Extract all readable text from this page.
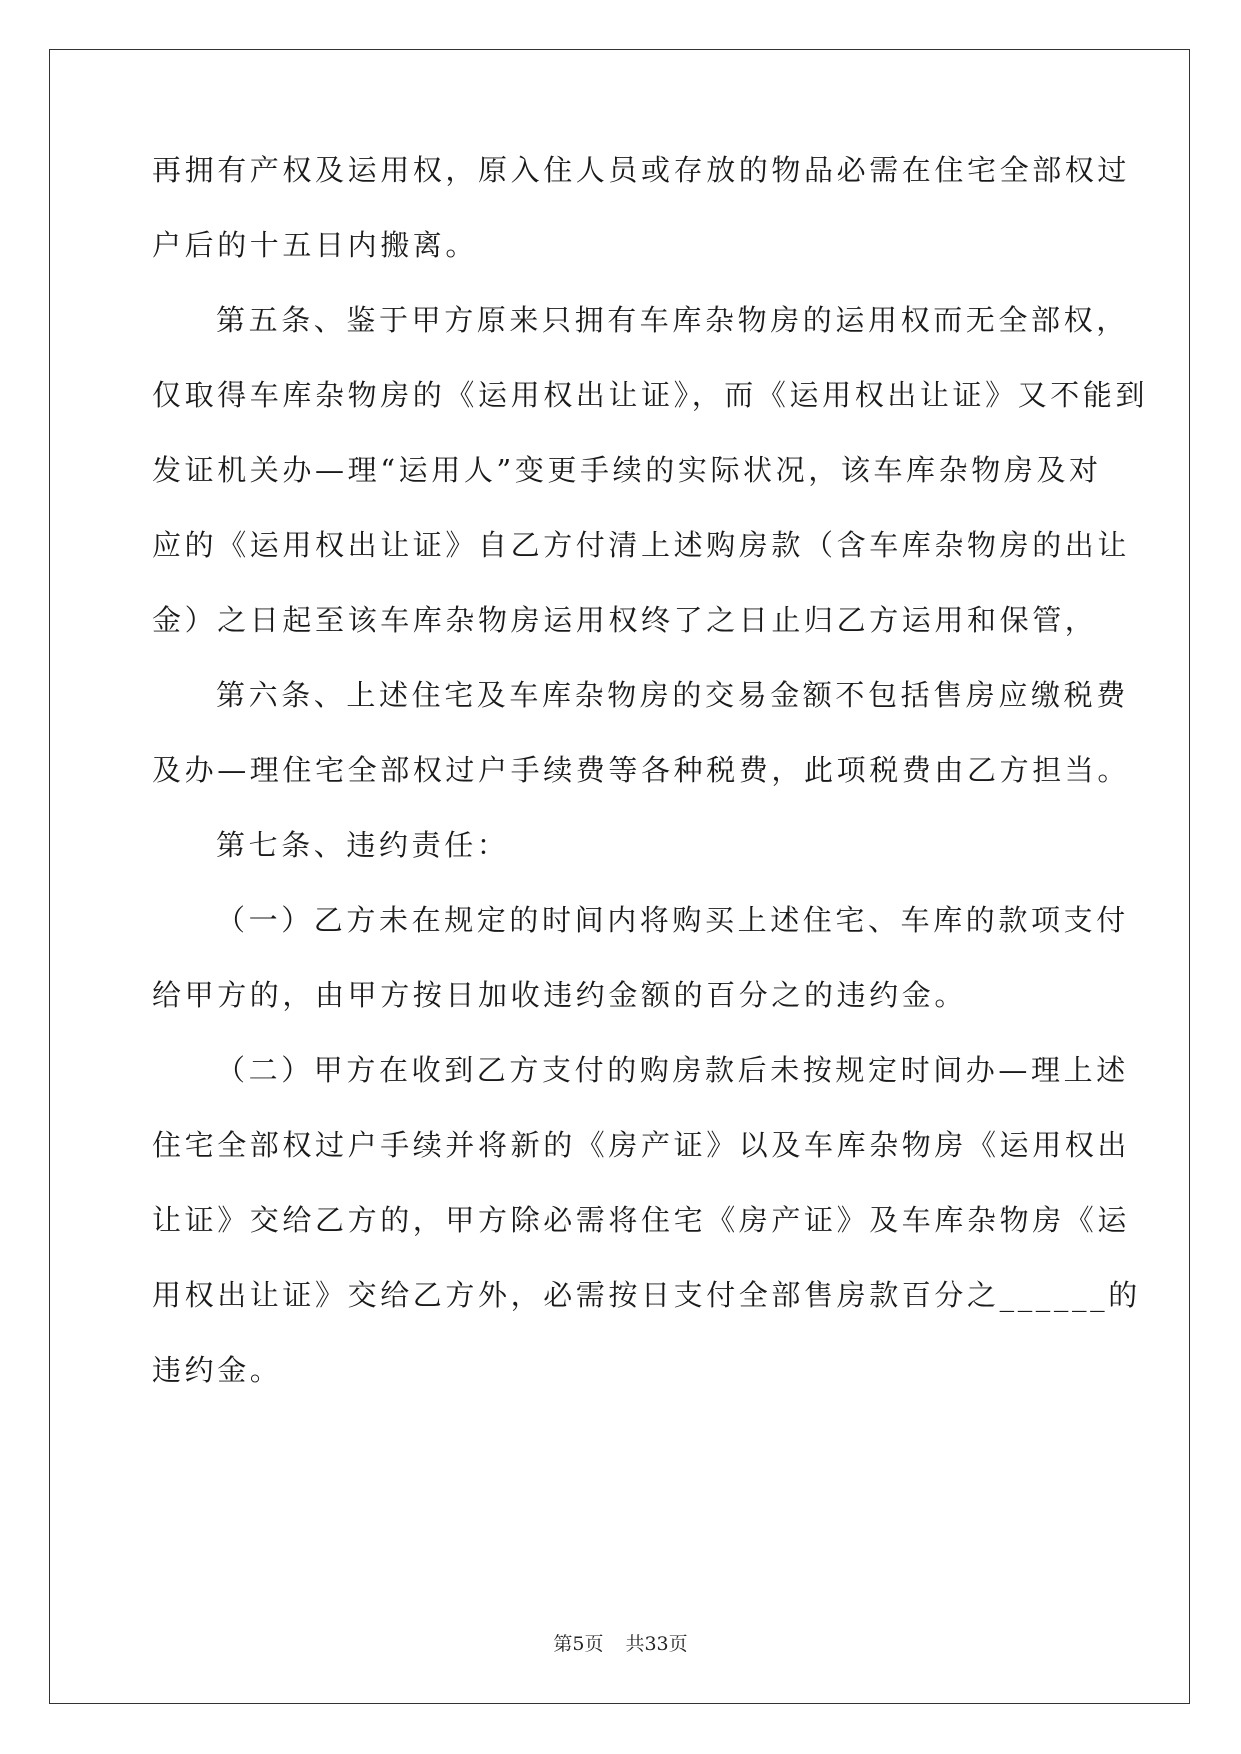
再拥有产权及运用权，原入住人员或存放的物品必需在住宅全部权过
户后的十五日内搬离。
第五条、鉴于甲方原来只拥有车库杂物房的运用权而无全部权，
仅取得车库杂物房的《运用权出让证》，而《运用权出让证》又不能到
发证机关办—理“运用人”变更手续的实际状况，该车库杂物房及对
应的《运用权出让证》自乙方付清上述购房款（含车库杂物房的出让
金）之日起至该车库杂物房运用权终了之日止归乙方运用和保管，
第六条、上述住宅及车库杂物房的交易金额不包括售房应缴税费
及办—理住宅全部权过户手续费等各种税费，此项税费由乙方担当。
第七条、违约责任：
（一）乙方未在规定的时间内将购买上述住宅、车库的款项支付
给甲方的，由甲方按日加收违约金额的百分之的违约金。
（二）甲方在收到乙方支付的购房款后未按规定时间办—理上述
住宅全部权过户手续并将新的《房产证》以及车库杂物房《运用权出
让证》交给乙方的，甲方除必需将住宅《房产证》及车库杂物房《运
用权出让证》交给乙方外，必需按日支付全部售房款百分之______的
违约金。
第5页 共33页
